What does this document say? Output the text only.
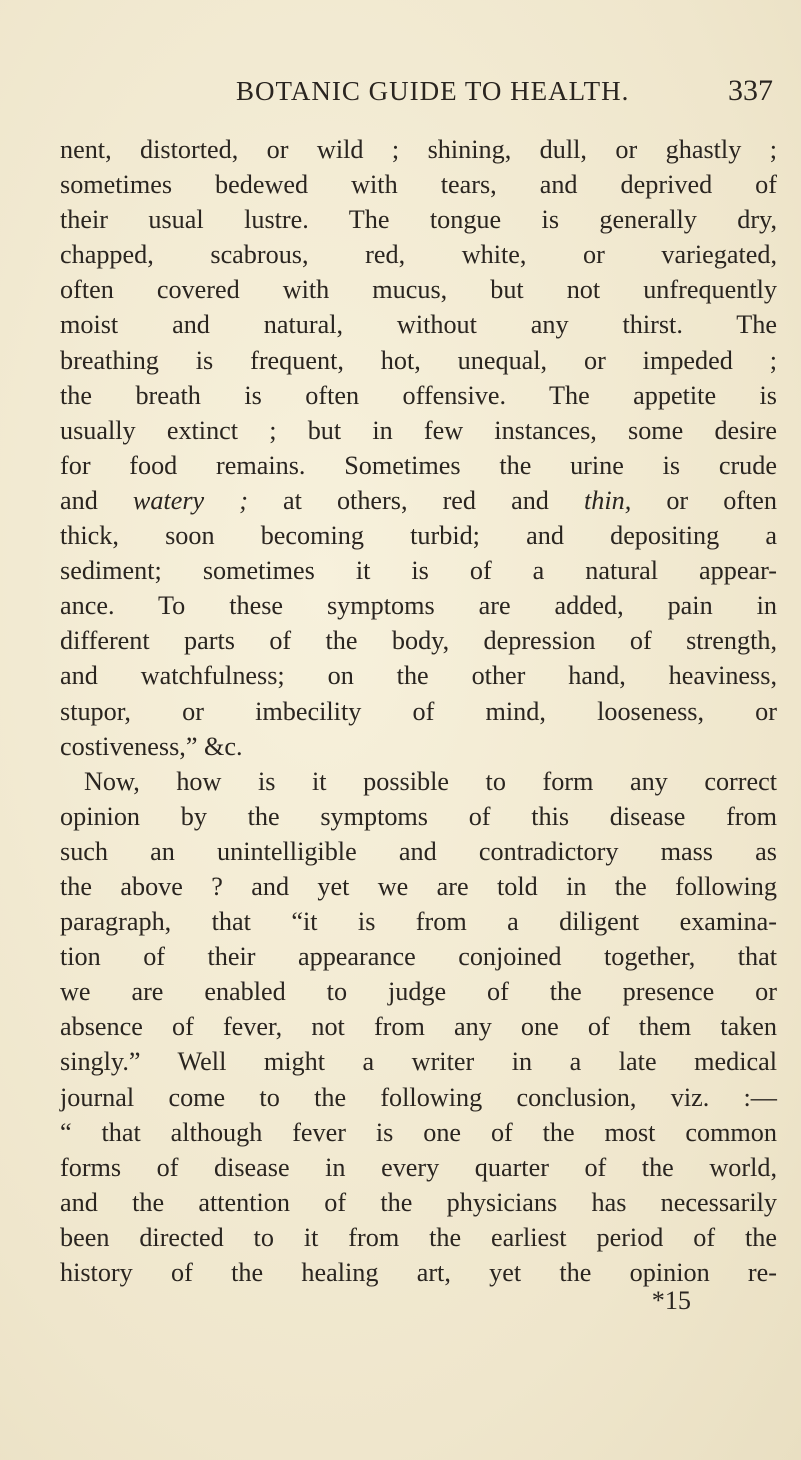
BOTANIC GUIDE TO HEALTH.	337
nent, distorted, or wild ; shining, dull, or ghastly ;
sometimes bedewed with tears, and deprived of
their usual lustre. The tongue is generally dry,
chapped, scabrous, red, white, or variegated,
often covered with mucus, but not unfrequently
moist and natural, without any thirst. The
breathing is frequent, hot, unequal, or impeded ;
the breath is often offensive. The appetite is
usually extinct ; but in few instances, some desire
for food remains. Sometimes the urine is crude
and watery ; at others, red and thin, or often
thick, soon becoming turbid; and depositing a
sediment; sometimes it is of a natural appear-
ance. To these symptoms are added, pain in
different parts of the body, depression of strength,
and watchfulness; on the other hand, heaviness,
stupor, or imbecility of mind, looseness, or
costiveness,” &c.
Now, how is it possible to form any correct
opinion by the symptoms of this disease from
such an unintelligible and contradictory mass as
the above ? and yet we are told in the following
paragraph, that “it is from a diligent examina-
tion of their appearance conjoined together, that
we are enabled to judge of the presence or
absence of fever, not from any one of them taken
singly.” Well might a writer in a late medical
journal come to the following conclusion, viz. :—
“ that although fever is one of the most common
forms of disease in every quarter of the world,
and the attention of the physicians has necessarily
been directed to it from the earliest period of the
history of the healing art, yet the opinion re-
*15
